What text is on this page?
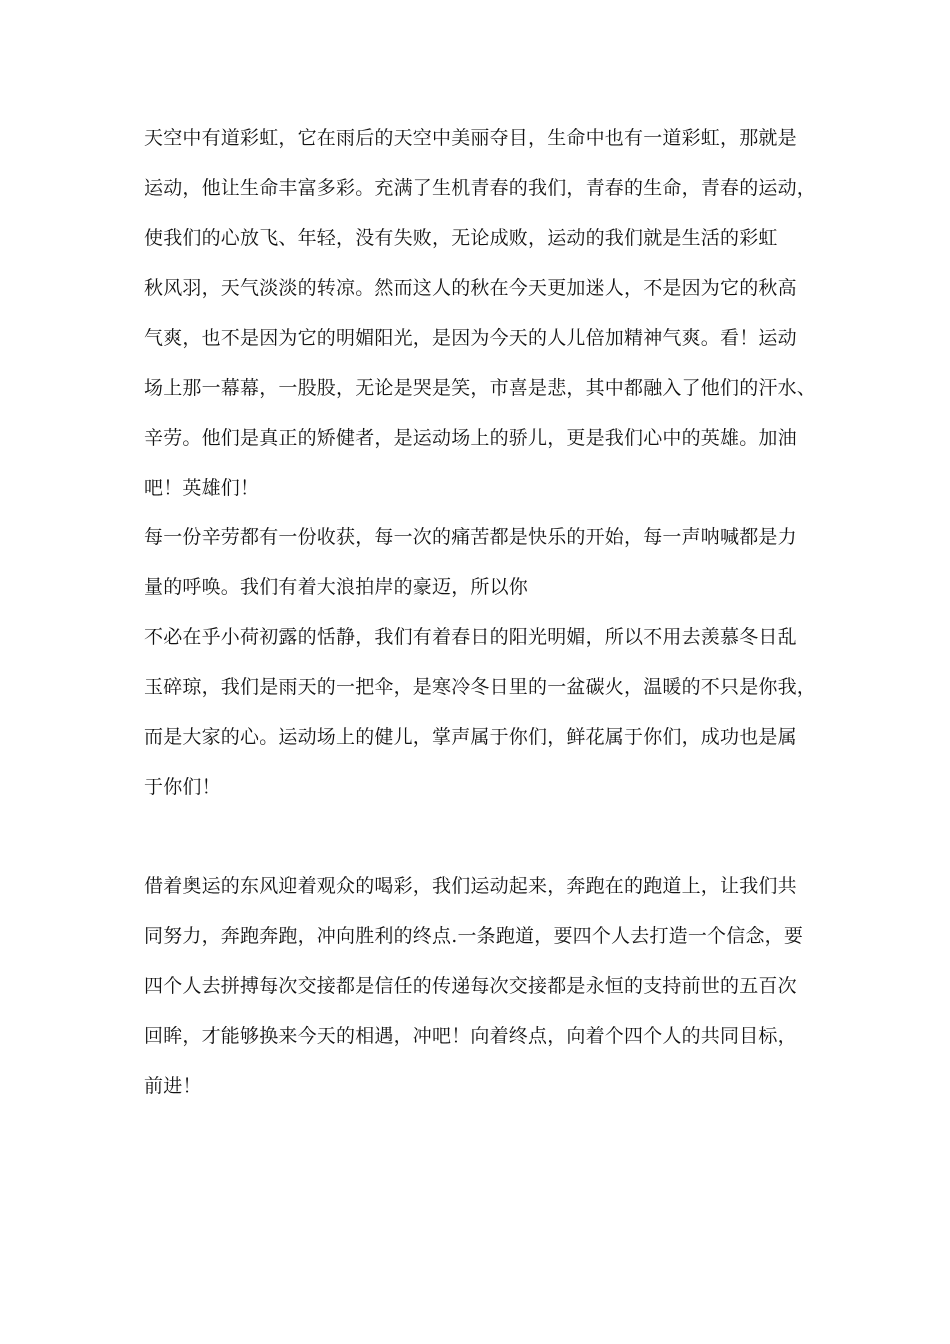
天空中有道彩虹，它在雨后的天空中美丽夺目，生命中也有一道彩虹，那就是
运动，他让生命丰富多彩。充满了生机青春的我们，青春的生命，青春的运动，
使我们的心放飞、年轻，没有失败，无论成败，运动的我们就是生活的彩虹
秋风羽，天气淡淡的转凉。然而这人的秋在今天更加迷人，不是因为它的秋高
气爽，也不是因为它的明媚阳光，是因为今天的人儿倍加精神气爽。看！运动
场上那一幕幕，一股股，无论是哭是笑，市喜是悲，其中都融入了他们的汗水、
辛劳。他们是真正的矫健者，是运动场上的骄儿，更是我们心中的英雄。加油
吧！英雄们！
每一份辛劳都有一份收获，每一次的痛苦都是快乐的开始，每一声呐喊都是力
量的呼唤。我们有着大浪拍岸的豪迈，所以你
不必在乎小荷初露的恬静，我们有着春日的阳光明媚，所以不用去羡慕冬日乱
玉碎琼，我们是雨天的一把伞，是寒冷冬日里的一盆碳火，温暖的不只是你我，
而是大家的心。运动场上的健儿，掌声属于你们，鲜花属于你们，成功也是属
于你们！
借着奥运的东风迎着观众的喝彩，我们运动起来，奔跑在的跑道上，让我们共
同努力，奔跑奔跑，冲向胜利的终点.一条跑道，要四个人去打造一个信念，要
四个人去拼搏每次交接都是信任的传递每次交接都是永恒的支持前世的五百次
回眸，才能够换来今天的相遇，冲吧！向着终点，向着个四个人的共同目标，
前进！
